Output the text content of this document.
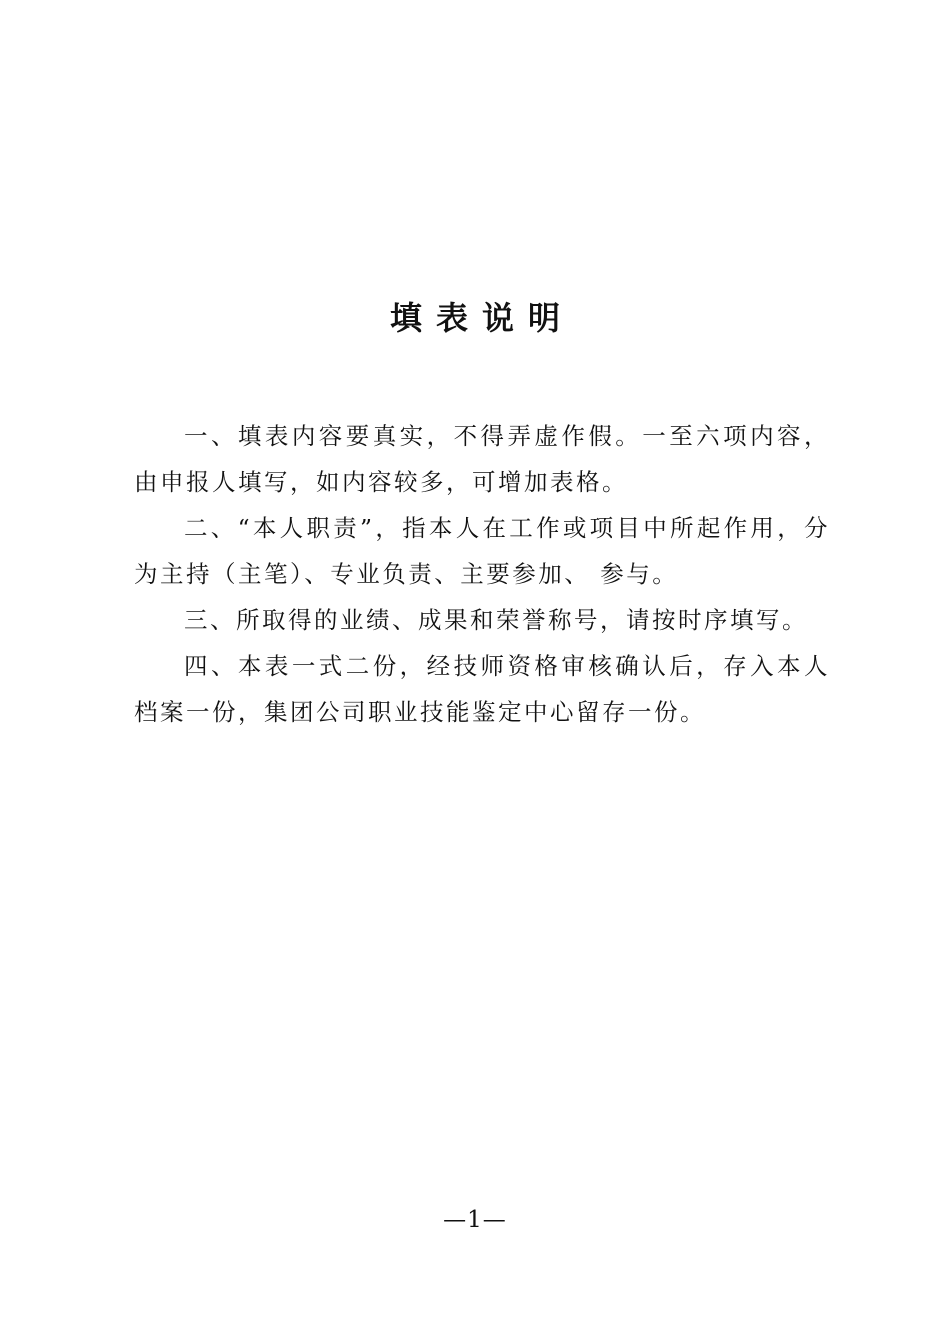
填表说明

一、填表内容要真实，不得弄虚作假。一至六项内容，由申报人填写，如内容较多，可增加表格。

二、“本人职责”，指本人在工作或项目中所起作用，分为主持（主笔）、专业负责、主要参加、 参与。

三、所取得的业绩、成果和荣誉称号，请按时序填写。

四、本表一式二份，经技师资格审核确认后，存入本人档案一份，集团公司职业技能鉴定中心留存一份。

—1—
